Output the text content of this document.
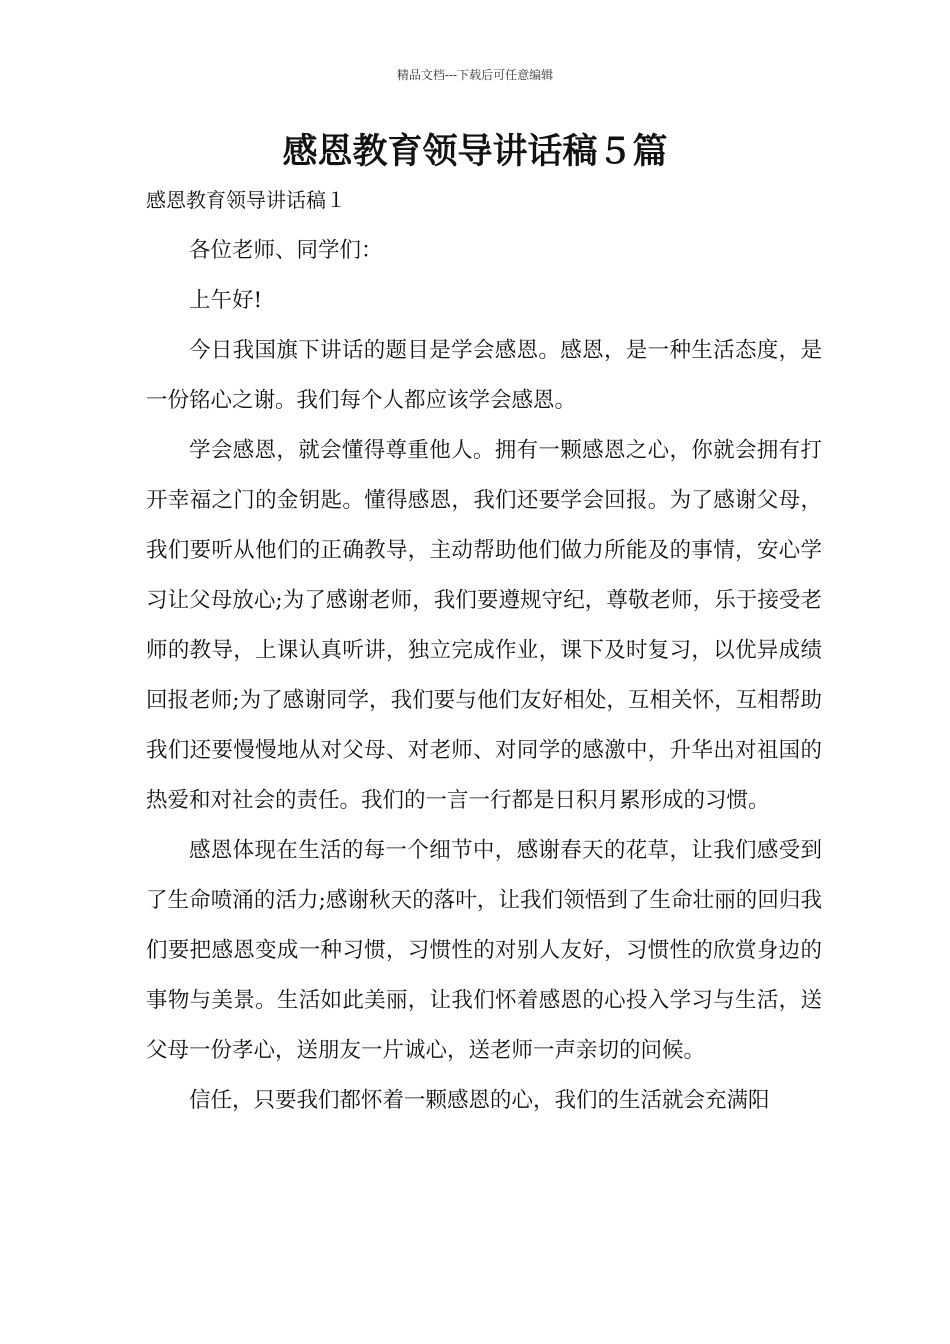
精品文档---下载后可任意编辑
感恩教育领导讲话稿５篇
感恩教育领导讲话稿１

各位老师、同学们：

上午好!

今日我国旗下讲话的题目是学会感恩。感恩，是一种生活态度，是一份铭心之谢。我们每个人都应该学会感恩。

学会感恩，就会懂得尊重他人。拥有一颗感恩之心，你就会拥有打开幸福之门的金钥匙。懂得感恩，我们还要学会回报。为了感谢父母，我们要听从他们的正确教导，主动帮助他们做力所能及的事情，安心学习让父母放心;为了感谢老师，我们要遵规守纪，尊敬老师，乐于接受老师的教导，上课认真听讲，独立完成作业，课下及时复习，以优异成绩回报老师;为了感谢同学，我们要与他们友好相处，互相关怀，互相帮助我们还要慢慢地从对父母、对老师、对同学的感激中，升华出对祖国的热爱和对社会的责任。我们的一言一行都是日积月累形成的习惯。

感恩体现在生活的每一个细节中，感谢春天的花草，让我们感受到了生命喷涌的活力;感谢秋天的落叶，让我们领悟到了生命壮丽的回归我们要把感恩变成一种习惯，习惯性的对别人友好，习惯性的欣赏身边的事物与美景。生活如此美丽，让我们怀着感恩的心投入学习与生活，送父母一份孝心，送朋友一片诚心，送老师一声亲切的问候。

信任，只要我们都怀着一颗感恩的心，我们的生活就会充满阳
